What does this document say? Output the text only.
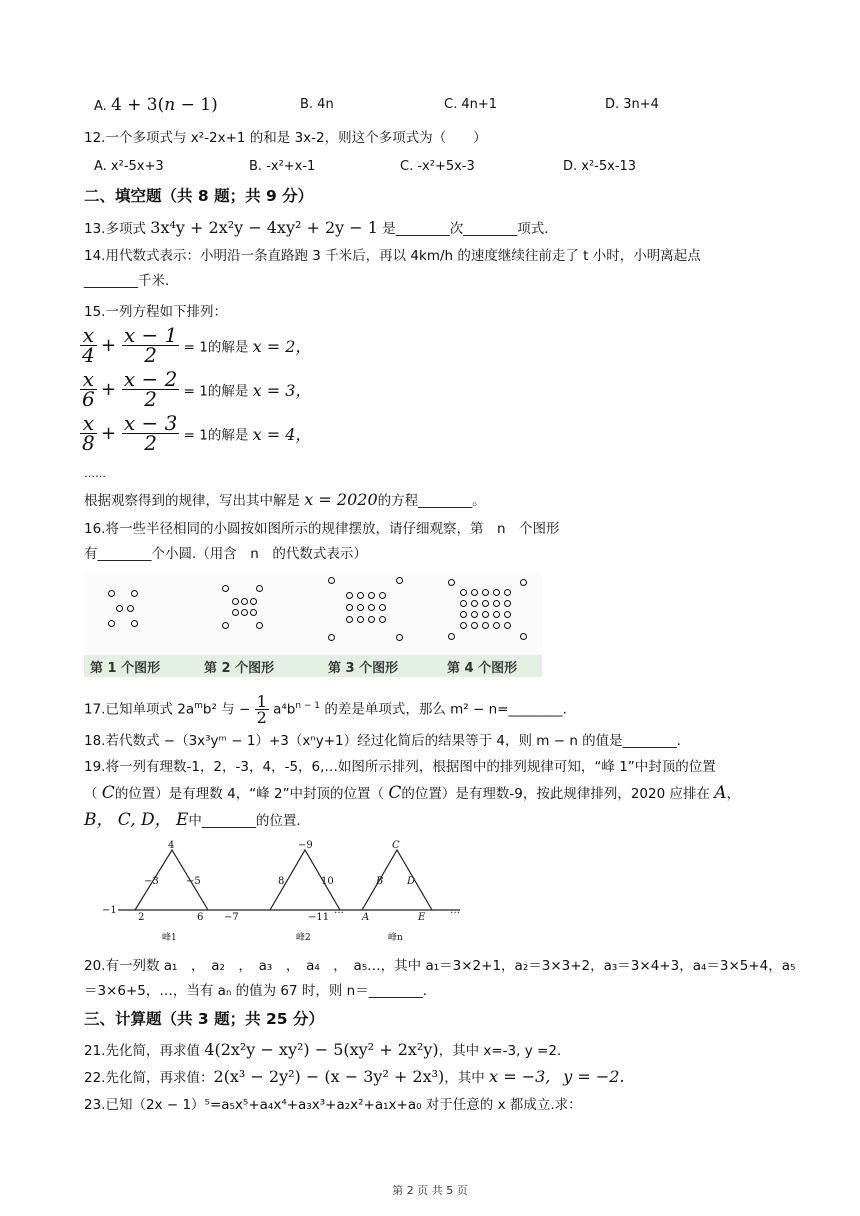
A. 4 + 3(n − 1)	B. 4n	C. 4n+1	D. 3n+4
12.一个多项式与 x²-2x+1 的和是 3x-2，则这个多项式为（　　）
A. x²-5x+3	B. -x²+x-1	C. -x²+5x-3	D. x²-5x-13
二、填空题（共 8 题；共 9 分）
13.多项式 3x⁴y + 2x²y − 4xy² + 2y − 1 是________次________项式.
14.用代数式表示：小明沿一条直路跑 3 千米后，再以 4km/h 的速度继续往前走了 t 小时，小明离起点
________千米.
15.一列方程如下排列：
$\frac{x}{4} + \frac{x - 1}{2} = 1$的解是 x = 2，
$\frac{x}{6} + \frac{x - 2}{2} = 1$的解是 x = 3，
$\frac{x}{8} + \frac{x - 3}{2} = 1$的解是 x = 4，
……
根据观察得到的规律，写出其中解是 x = 2020的方程________。
16.将一些半径相同的小圆按如图所示的规律摆放，请仔细观察，第　n　个图形
有________个小圆.（用含　n　的代数式表示）
第 1 个图形	第 2 个图形	第 3 个图形	第 4 个图形
17.已知单项式 $2a^mb^2$ 与 − $\frac{1}{2} a^4b^{n - 1}$ 的差是单项式，那么 m² − n=________.
18.若代数式 −（3x³yᵐ − 1）+3（xⁿy+1）经过化简后的结果等于 4，则 m − n 的值是________.
19.将一列有理数-1，2，-3，4，-5，6,…如图所示排列，根据图中的排列规律可知，“峰 1”中封顶的位置
（ C的位置）是有理数 4，“峰 2”中封顶的位置（ C的位置）是有理数-9，按此规律排列，2020 应排在 A，
B， C, D， E中________的位置.
−1
2
−3
4
−5
6 −7
8
−9
10
−11
…
A
B
C
D
E
…
峰1	峰2	峰n
20.有一列数 a₁　，　a₂　，　a₃　，　a₄　，　a₅…，其中 a₁＝3×2+1，a₂＝3×3+2，a₃＝3×4+3，a₄＝3×5+4，a₅
＝3×6+5，…，当有 aₙ 的值为 67 时，则 n＝________.
三、计算题（共 3 题；共 25 分）
21.先化简，再求值 4(2x²y − xy²) − 5(xy² + 2x²y)，其中 x=-3, y =2.
22.先化简，再求值：2(x³ − 2y²) − (x − 3y² + 2x³)，其中 x = −3, y = −2.
23.已知（2x − 1）⁵=a₅x⁵+a₄x⁴+a₃x³+a₂x²+a₁x+a₀ 对于任意的 x 都成立.求：
第 2 页 共 5 页
